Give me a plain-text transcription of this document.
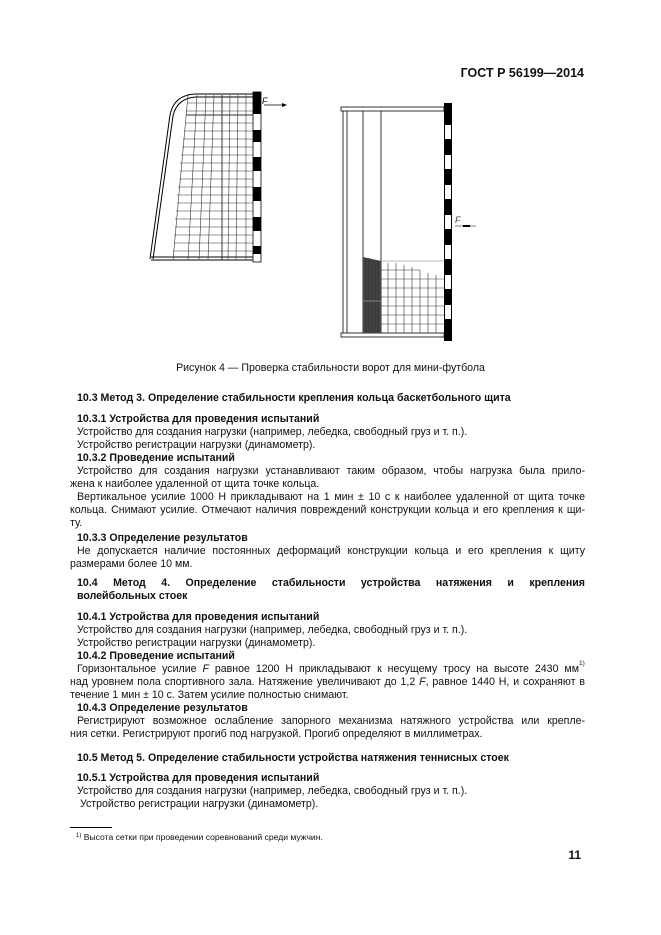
ГОСТ Р 56199—2014
F
F
Рисунок 4 — Проверка стабильности ворот для мини-футбола
10.3 Метод 3. Определение стабильности крепления кольца баскетбольного щита
10.3.1 Устройства для проведения испытаний
Устройство для создания нагрузки (например, лебедка, свободный груз и т. п.).
Устройство регистрации нагрузки (динамометр).
10.3.2 Проведение испытаний
Устройство для создания нагрузки устанавливают таким образом, чтобы нагрузка была прило-
жена к наиболее удаленной от щита точке кольца.
Вертикальное усилие 1000 Н прикладывают на 1 мин ± 10 с к наиболее удаленной от щита точке
кольца. Снимают усилие. Отмечают наличия повреждений конструкции кольца и его крепления к щи-
ту.
10.3.3 Определение результатов
Не допускается наличие постоянных деформаций конструкции кольца и его крепления к щиту
размерами более 10 мм.
10.4 Метод 4. Определение стабильности устройства натяжения и крепления
волейбольных стоек
10.4.1 Устройства для проведения испытаний
Устройство для создания нагрузки (например, лебедка, свободный груз и т. п.).
Устройство регистрации нагрузки (динамометр).
10.4.2 Проведение испытаний
Горизонтальное усилие F равное 1200 Н прикладывают к несущему тросу на высоте 2430 мм 1)
над уровнем пола спортивного зала. Натяжение увеличивают до 1,2 F, равное 1440 Н, и сохраняют в
течение 1 мин ± 10 с. Затем усилие полностью снимают.
10.4.3 Определение результатов
Регистрируют возможное ослабление запорного механизма натяжного устройства или крепле-
ния сетки. Регистрируют прогиб под нагрузкой. Прогиб определяют в миллиметрах.
10.5 Метод 5. Определение стабильности устройства натяжения теннисных стоек
10.5.1 Устройства для проведения испытаний
Устройство для создания нагрузки (например, лебедка, свободный груз и т. п.).
Устройство регистрации нагрузки (динамометр).
$^{1)}$ Высота сетки при проведении соревнований среди мужчин.
11
